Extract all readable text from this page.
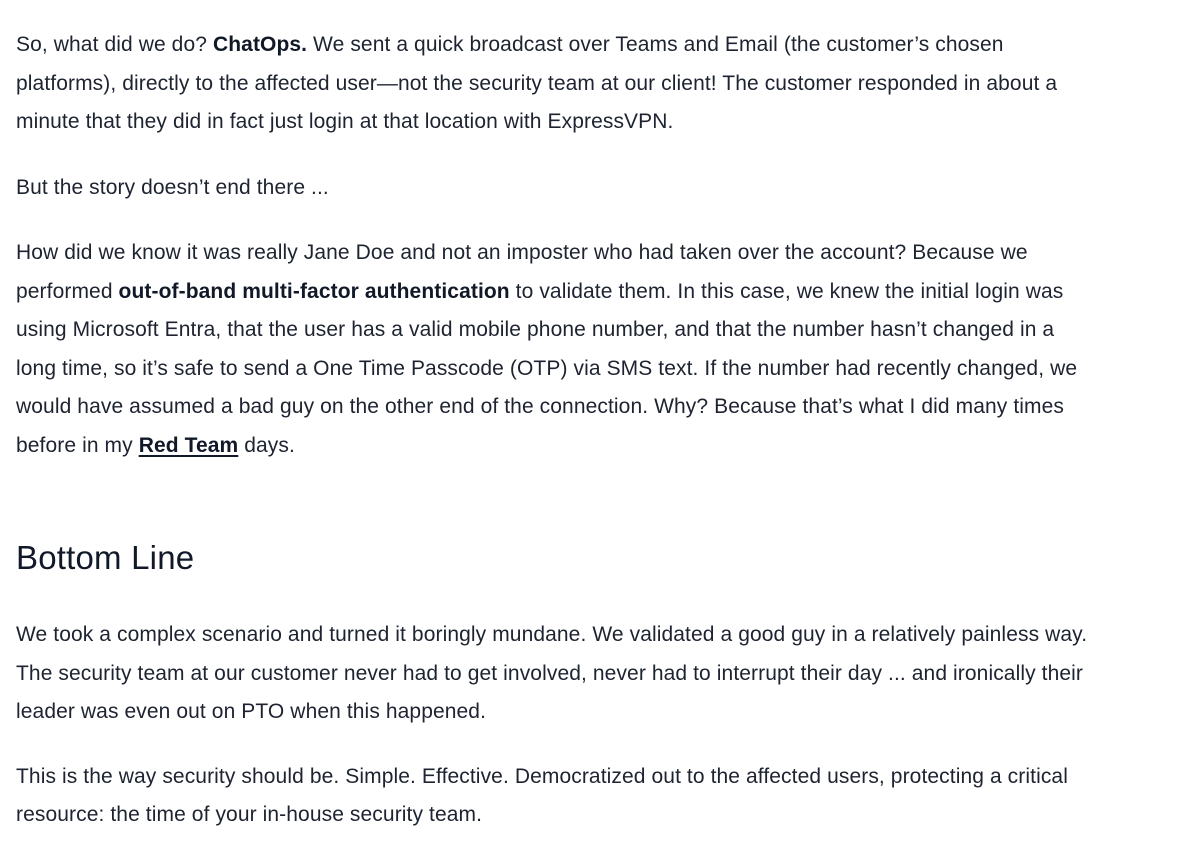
So, what did we do? ChatOps. We sent a quick broadcast over Teams and Email (the customer’s chosen
platforms), directly to the affected user—not the security team at our client! The customer responded in about a
minute that they did in fact just login at that location with ExpressVPN.

But the story doesn’t end there ...

How did we know it was really Jane Doe and not an imposter who had taken over the account? Because we
performed out-of-band multi-factor authentication to validate them. In this case, we knew the initial login was
using Microsoft Entra, that the user has a valid mobile phone number, and that the number hasn’t changed in a
long time, so it’s safe to send a One Time Passcode (OTP) via SMS text. If the number had recently changed, we
would have assumed a bad guy on the other end of the connection. Why? Because that’s what I did many times
before in my Red Team days.

Bottom Line

We took a complex scenario and turned it boringly mundane. We validated a good guy in a relatively painless way.
The security team at our customer never had to get involved, never had to interrupt their day ... and ironically their
leader was even out on PTO when this happened.

This is the way security should be. Simple. Effective. Democratized out to the affected users, protecting a critical
resource: the time of your in-house security team.
